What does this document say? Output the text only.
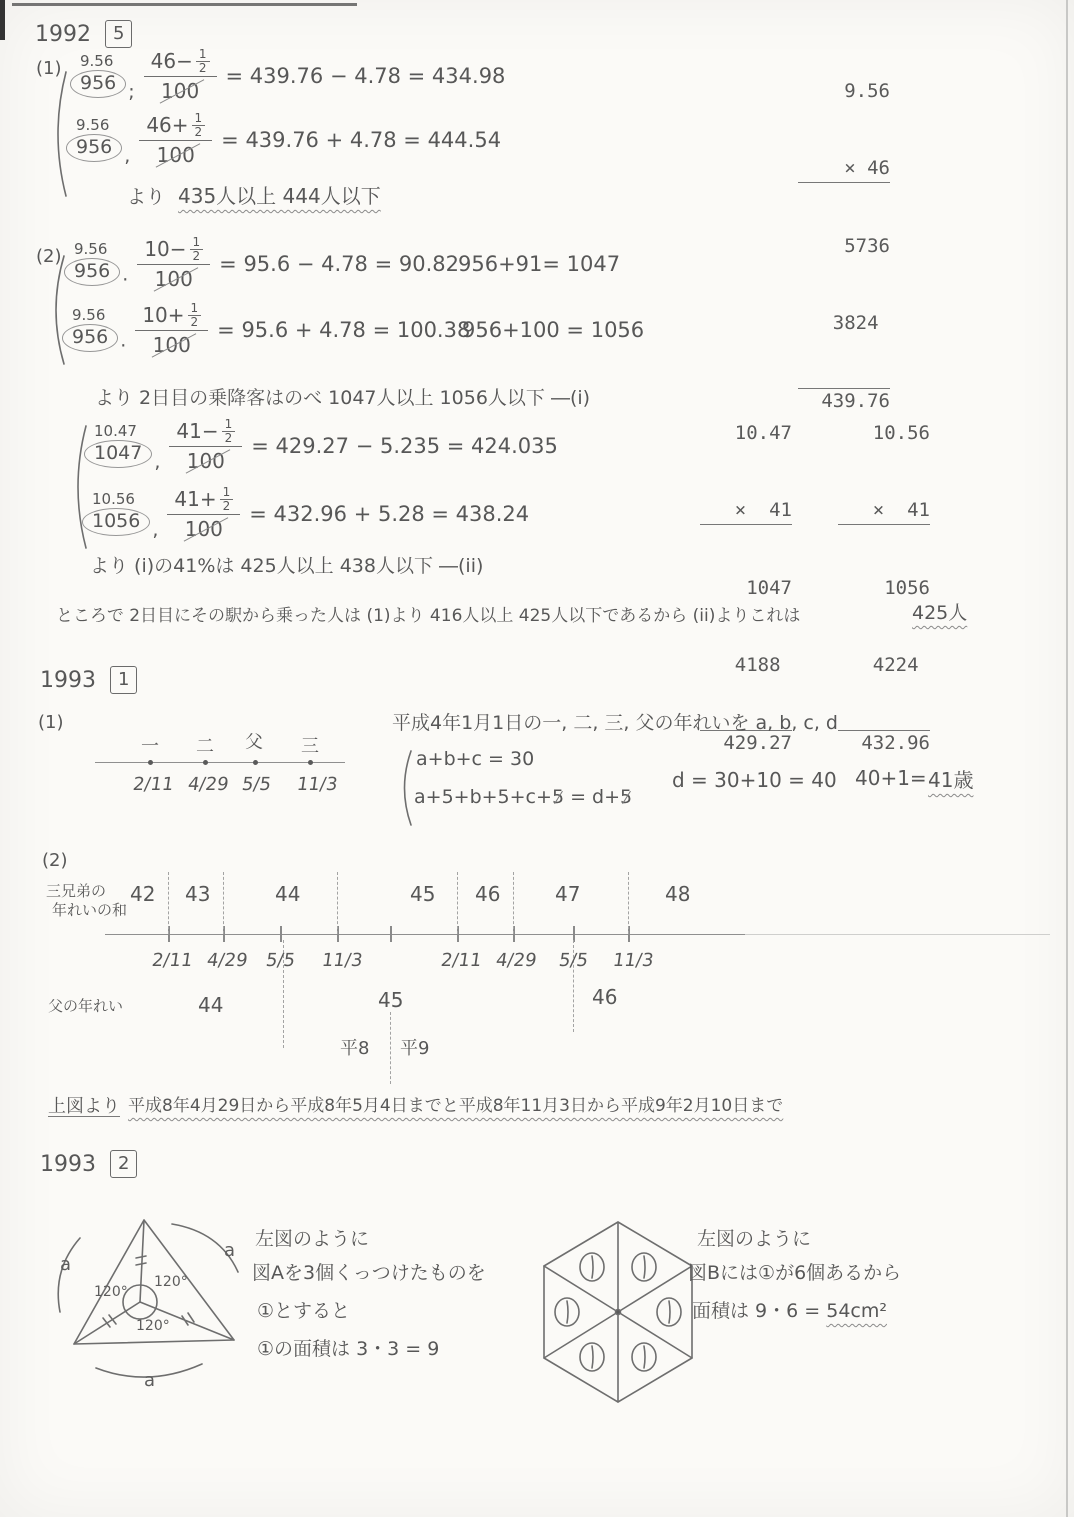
1992	5
(1) 9.56
956 ; $\frac{46- \frac{1}{2}}{100} = 439.76 - 4.78 = 434.98$
9.56
956 , $\frac{46+ \frac{1}{2}}{100} = 439.76 + 4.78 = 444.54$
より 435人以上 444人以下

9.56

× 46

5736

3824

439.76

(2) 9.56
$956 \cdot \frac{10- \frac{1}{2}}{100} = 95.6 - 4.78 = 90.82$ 956+91= 1047
9.56
$956 \cdot \frac{10+ \frac{1}{2}}{100} = 95.6 + 4.78 = 100.38$
956+100 = 1056
より 2日目の乗降客はのべ 1047人以上 1056人以下 ―(i)
10.47
1047 , $\frac{41- \frac{1}{2}}{100} = 429.27 - 5.235 = 424.035$
10.56
1056 , $\frac{41+ \frac{1}{2}}{100} = 432.96 + 5.28 = 438.24$

10.47

×  41

1047

4188

429.27

10.56

×  41

1056

4224

432.96

より (i)の41%は 425人以上 438人以下 ―(ii)
ところで 2日目にその駅から乗った人は (1)より 416人以上 425人以下であるから (ii)よりこれは	425人
1993	1
(1)
一 二 父 三
2/11 4/29 5/5 11/3
平成4年1月1日の一, 二, 三, 父の年れいを a, b, c, d
a+b+c = 30
a+5+b+5+c+5 = d+5
d = 30+10 = 40 40+1= 41歳
(2)
三兄弟の
年れいの和
42 43	44	45 46	47	48
2/11 4/29 5/5 11/3	2/11 4/29 5/5 11/3
父の年れい	44	45	46
平8 平9
上図より 平成8年4月29日から平成8年5月4日までと平成8年11月3日から平成9年2月10日まで
1993	2
120°
120°
120°
a
a
a
左図のように
図Aを3個くっつけたものを
①とすると
①の面積は 3・3 = 9
左図のように
図Bには①が6個あるから
面積は 9・6 = 54cm²
